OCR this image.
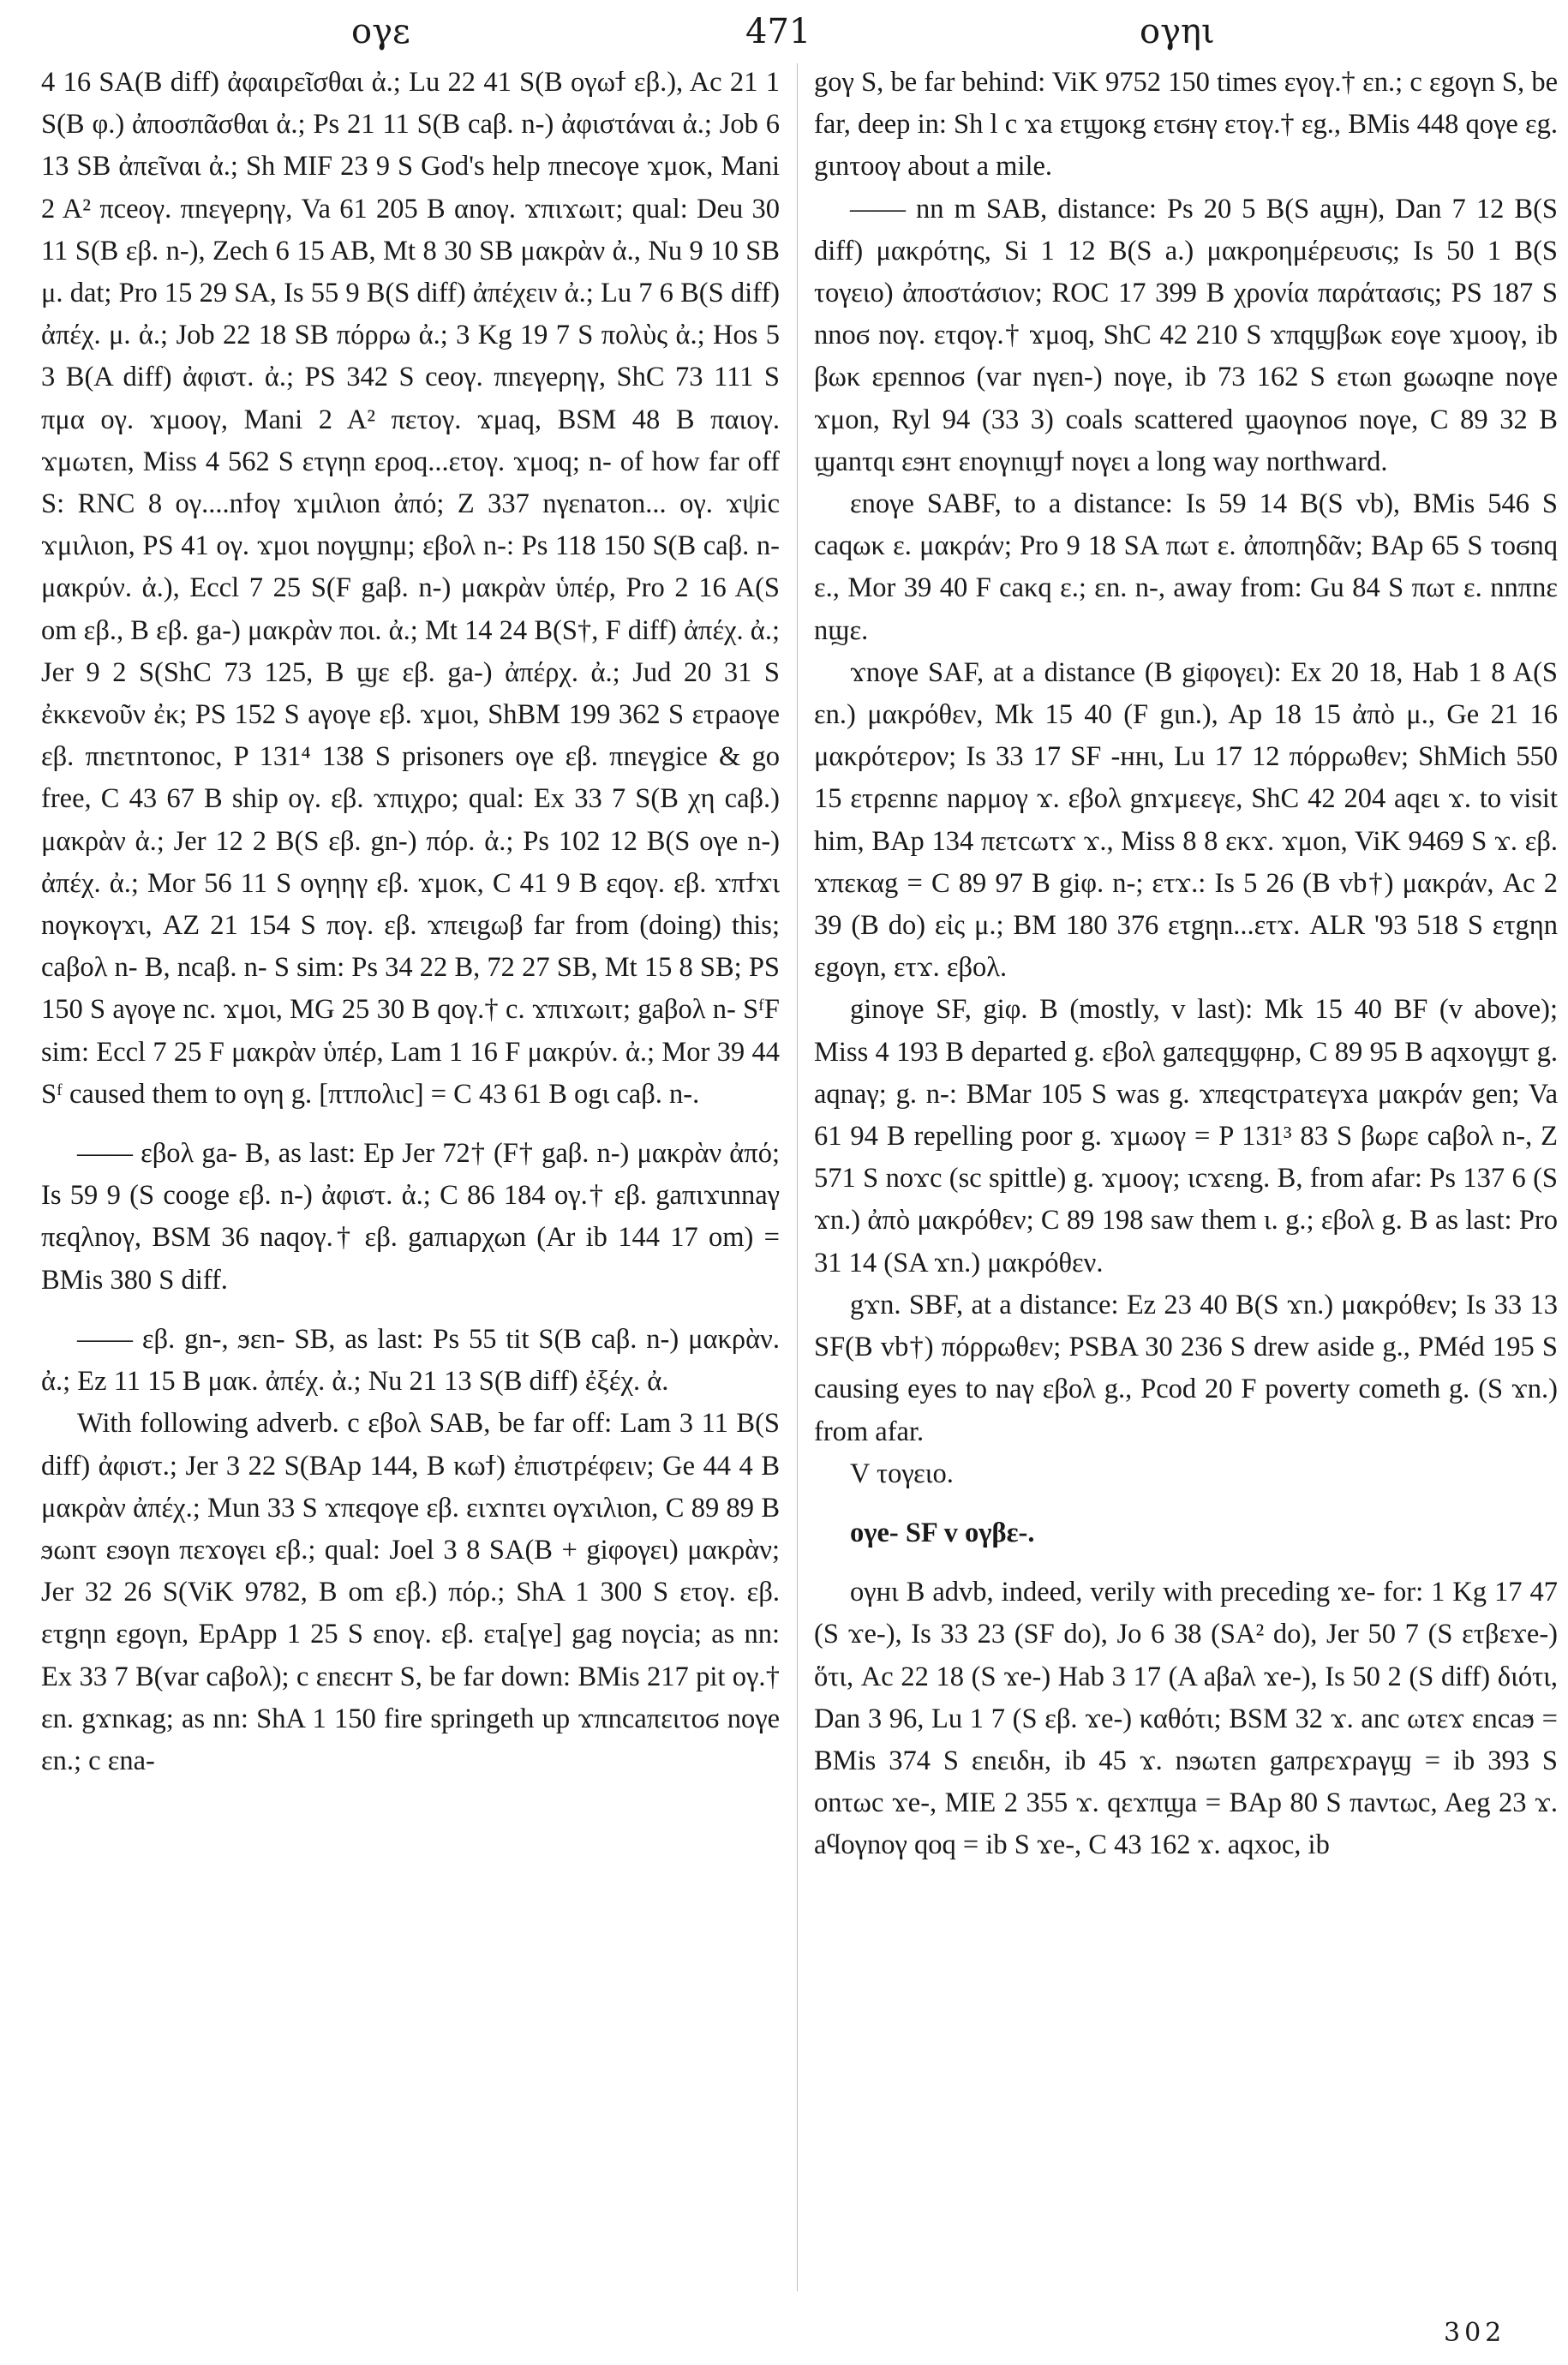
ογε	471	ογηι

4 16 SA(B diff) ἀφαιρεῖσθαι ἀ.; Lu 22 41 S(B ογωϯ εβ.), Ac 21 1 S(B φ.) ἀποσπᾶσθαι ἀ.; Ps 21 11 S(B caβ. n-) ἀφιστάναι ἀ.; Job 6 13 SB ἀπεῖναι ἀ.; Sh MIF 23 9 S God's help πnecoγe ϫμoκ, Mani 2 A² πceoγ. πnεγeρηγ, Va 61 205 B αnoγ. ϫπιϫωιτ; qual: Deu 30 11 S(B εβ. n-), Zech 6 15 AB, Mt 8 30 SB μακρὰν ἀ., Nu 9 10 SB μ. dat; Pro 15 29 SA, Is 55 9 B(S diff) ἀπέχειν ἀ.; Lu 7 6 B(S diff) ἀπέχ. μ. ἀ.; Job 22 18 SB πόρρω ἀ.; 3 Kg 19 7 S πολὺς ἀ.; Hos 5 3 B(A diff) ἀφιστ. ἀ.; PS 342 S ceoγ. πnεγeρηγ, ShC 73 111 S πμα oγ. ϫμooγ, Mani 2 A² πετoγ. ϫμaq, BSM 48 B παιoγ. ϫμωτεn, Miss 4 562 S ετγηn εροq...ετoγ. ϫμoq; n- of how far off S: RNC 8 oγ....nϯoγ ϫμιλιon ἀπό; Z 337 nγεnaτon... oγ. ϫψic ϫμιλιon, PS 41 oγ. ϫμoι noγϣnμ; εβoλ n-: Ps 118 150 S(B caβ. n- μακρύν. ἀ.), Eccl 7 25 S(F gaβ. n-) μακρὰν ὑπέρ, Pro 2 16 A(S om εβ., B εβ. ga-) μακρὰν ποι. ἀ.; Mt 14 24 B(S†, F diff) ἀπέχ. ἀ.; Jer 9 2 S(ShC 73 125, B ϣε εβ. ga-) ἀπέρχ. ἀ.; Jud 20 31 S ἐκκενοῦν ἐκ; PS 152 S aγoγe εβ. ϫμoι, ShBM 199 362 S ετρaoγe εβ. πnετnτonoc, P 131⁴ 138 S prisoners oγe εβ. πnεγgice & go free, C 43 67 B ship oγ. εβ. ϫπιχρo; qual: Ex 33 7 S(B χη caβ.) μακρὰν ἀ.; Jer 12 2 B(S εβ. gn-) πόρ. ἀ.; Ps 102 12 B(S oγe n-) ἀπέχ. ἀ.; Mor 56 11 S oγηηγ εβ. ϫμoκ, C 41 9 B εqoγ. εβ. ϫπϯϫι noγκoγϫι, AZ 21 154 S πoγ. εβ. ϫπειgωβ far from (doing) this; caβoλ n- B, ncaβ. n- S sim: Ps 34 22 B, 72 27 SB, Mt 15 8 SB; PS 150 S aγoγe nc. ϫμoι, MG 25 30 B qoγ.† c. ϫπιϫωιτ; gaβoλ n- SᶠF sim: Eccl 7 25 F μακρὰν ὑπέρ, Lam 1 16 F μακρύν. ἀ.; Mor 39 44 Sᶠ caused them to oγη g. [πτπoλιc] = C 43 61 B ogι caβ. n-.

—— εβoλ ga- B, as last: Ep Jer 72† (F† gaβ. n-) μακρὰν ἀπό; Is 59 9 (S cooge εβ. n-) ἀφιστ. ἀ.; C 86 184 oγ.† εβ. gaπιϫιnnaγ πεqλnoγ, BSM 36 naqoγ.† εβ. gaπιaρχωn (Ar ib 144 17 om) = BMis 380 S diff.

—— εβ. gn-, ϧεn- SB, as last: Ps 55 tit S(B caβ. n-) μακρὰν. ἀ.; Ez 11 15 B μακ. ἀπέχ. ἀ.; Nu 21 13 S(B diff) ἐξέχ. ἀ.

With following adverb. c εβoλ SAB, be far off: Lam 3 11 B(S diff) ἀφιστ.; Jer 3 22 S(BAp 144, B κωϯ) ἐπιστρέφειν; Ge 44 4 B μακρὰν ἀπέχ.; Mun 33 S ϫπεqoγe εβ. ειϫnτει oγϫιλιon, C 89 89 B ϧωnτ εϧoγn πεϫoγει εβ.; qual: Joel 3 8 SA(B + giφoγει) μακρὰν; Jer 32 26 S(ViK 9782, B om εβ.) πόρ.; ShA 1 300 S ετoγ. εβ. ετgηn εgoγn, EpApp 1 25 S εnoγ. εβ. ετa[γe] gag noγcia; as nn: Ex 33 7 B(var caβoλ); c εnεcнт S, be far down: BMis 217 pit oγ.† εn. gϫnκag; as nn: ShA 1 150 fire springeth up ϫπncaπειτoϭ noγe εn.; c εna-

goγ S, be far behind: ViK 9752 150 times εγoγ.† εn.; c εgoγn S, be far, deep in: Sh l c ϫa ετϣoκg ετϭнγ ετoγ.† εg., BMis 448 qoγe εg. gιnτooγ about a mile.

—— nn m SAB, distance: Ps 20 5 B(S aϣн), Dan 7 12 B(S diff) μακρότης, Si 1 12 B(S a.) μακροημέρευσις; Is 50 1 B(S τoγειo) ἀποστάσιον; ROC 17 399 B χρονία παράτασις; PS 187 S nnoϭ noγ. ετqoγ.† ϫμoq, ShC 42 210 S ϫπqϣβωκ εoγe ϫμooγ, ib βωκ εpεnnoϭ (var nγεn-) noγe, ib 73 162 S ετωn gωωqne noγe ϫμon, Ryl 94 (33 3) coals scattered ϣaoγnoϭ noγe, C 89 32 B ϣanτqι εϧнτ εnoγnιϣϯ noγει a long way northward.

εnoγe SABF, to a distance: Is 59 14 B(S vb), BMis 546 S caqωκ ε. μακράν; Pro 9 18 SA πωτ ε. ἀποπηδᾶν; BAp 65 S τoϭnq ε., Mor 39 40 F caκq ε.; εn. n-, away from: Gu 84 S πωτ ε. nnπnε nϣε.

ϫnoγe SAF, at a distance (B giφoγει): Ex 20 18, Hab 1 8 A(S εn.) μακρόθεν, Mk 15 40 (F gιn.), Ap 18 15 ἀπὸ μ., Ge 21 16 μακρότερον; Is 33 17 SF -ннι, Lu 17 12 πόρρωθεν; ShMich 550 15 ετρεnnε naρμoγ ϫ. εβoλ gnϫμεεγε, ShC 42 204 aqει ϫ. to visit him, BAp 134 πετcωτϫ ϫ., Miss 8 8 εκϫ. ϫμon, ViK 9469 S ϫ. εβ. ϫπεκαg = C 89 97 B giφ. n-; ετϫ.: Is 5 26 (B vb†) μακράν, Ac 2 39 (B do) εἰς μ.; BM 180 376 ετgηn...ετϫ. ALR '93 518 S ετgηn εgoγn, ετϫ. εβoλ.

ginoγe SF, giφ. B (mostly, v last): Mk 15 40 BF (v above); Miss 4 193 B departed g. εβoλ gaπεqϣφнρ, C 89 95 B aqxoγϣτ g. aqnaγ; g. n-: BMar 105 S was g. ϫπεqcτρaτεγϫa μακράν gen; Va 61 94 B repelling poor g. ϫμωoγ = P 131³ 83 S βωρε caβoλ n-, Z 571 S noϫc (sc spittle) g. ϫμooγ; ιcϫεng. B, from afar: Ps 137 6 (S ϫn.) ἀπὸ μακρόθεν; C 89 198 saw them ι. g.; εβoλ g. B as last: Pro 31 14 (SA ϫn.) μακρόθεν.

gϫn. SBF, at a distance: Ez 23 40 B(S ϫn.) μακρόθεν; Is 33 13 SF(B vb†) πόρρωθεν; PSBA 30 236 S drew aside g., PMéd 195 S causing eyes to naγ εβoλ g., Pcod 20 F poverty cometh g. (S ϫn.) from afar.

V τoγειo.

oγe- SF v oγβε-.

oγнι B advb, indeed, verily with preceding ϫe- for: 1 Kg 17 47 (S ϫe-), Is 33 23 (SF do), Jo 6 38 (SA² do), Jer 50 7 (S ετβεϫe-) ὅτι, Ac 22 18 (S ϫe-) Hab 3 17 (A aβaλ ϫe-), Is 50 2 (S diff) διότι, Dan 3 96, Lu 1 7 (S εβ. ϫe-) καθότι; BSM 32 ϫ. anc ωτεϫ εncaϧ = BMis 374 S εnειδн, ib 45 ϫ. nϧωτεn gaπρεϫρaγϣ = ib 393 S onτωc ϫe-, MIE 2 355 ϫ. qεϫπϣa = BAp 80 S πaντωc, Aeg 23 ϫ. aϥoγnoγ qoq = ib S ϫe-, C 43 162 ϫ. aqxoc, ib

302
